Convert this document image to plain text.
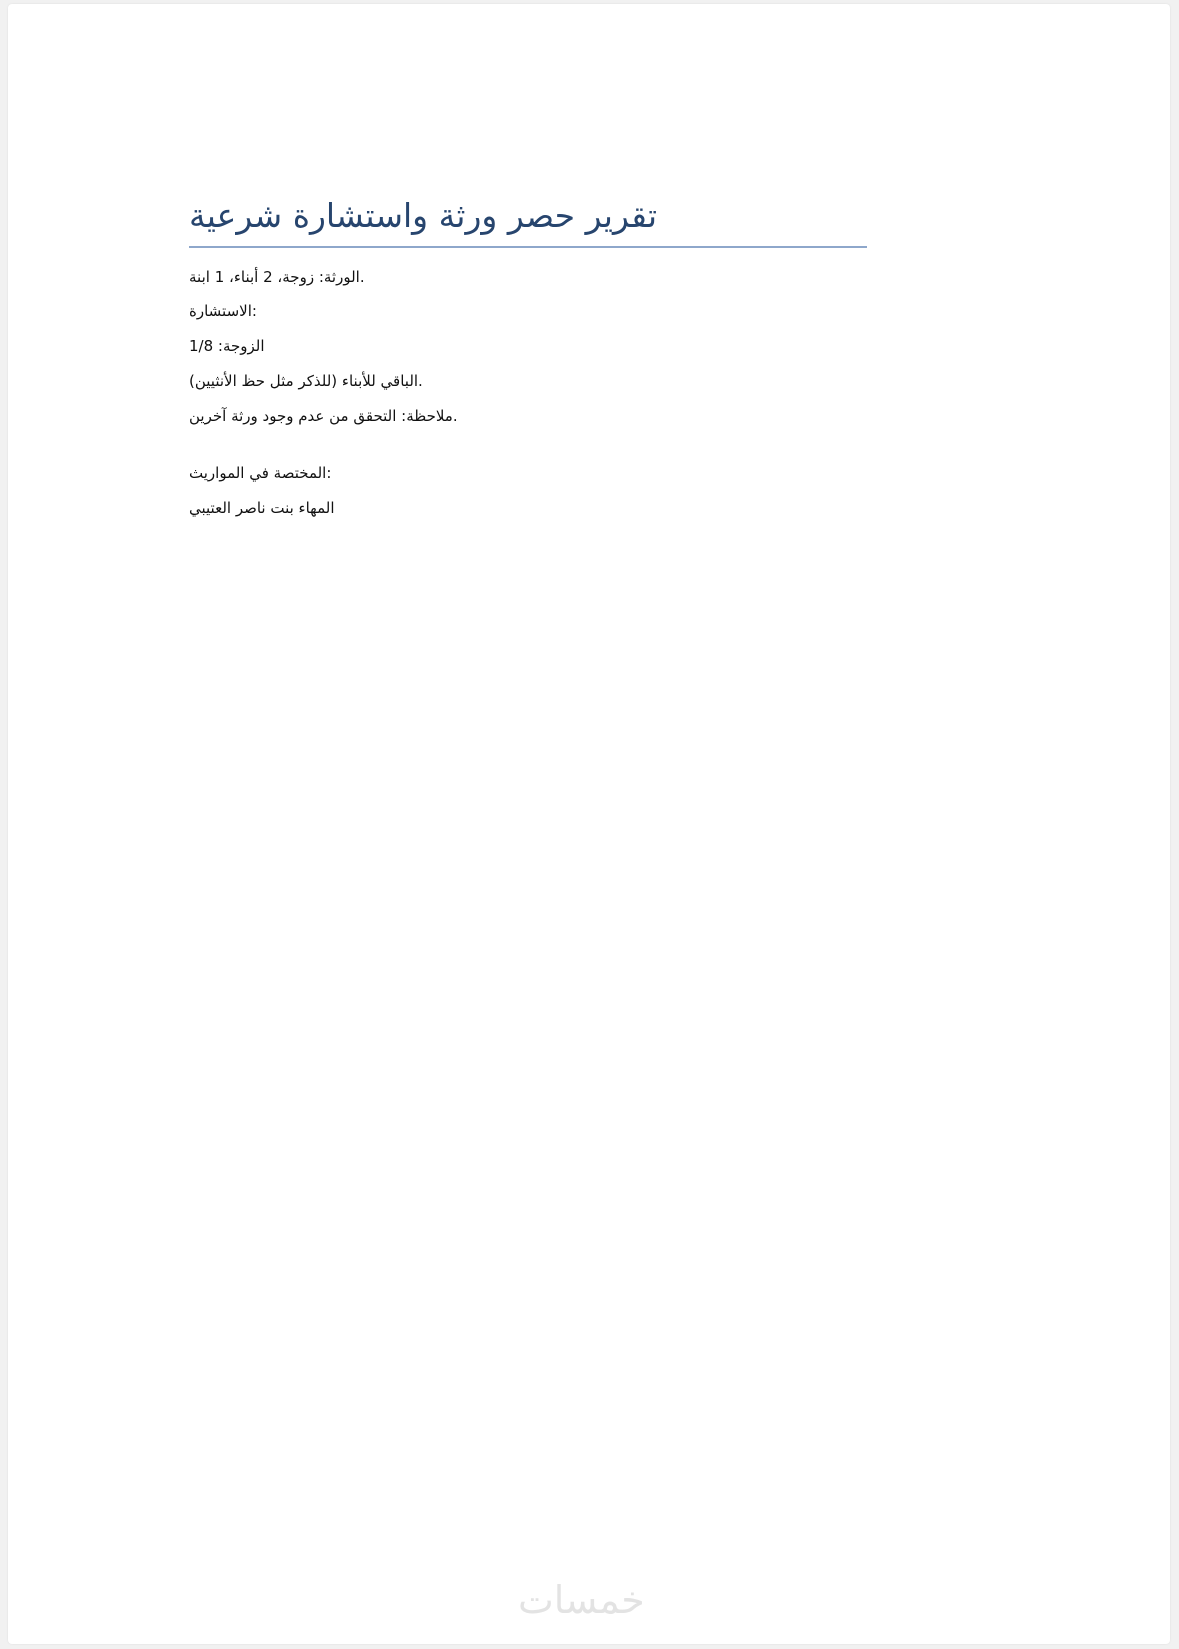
تقرير حصر ورثة واستشارة شرعية
.الورثة: زوجة، 2 أبناء، 1 ابنة
:الاستشارة
الزوجة: 1/8
.الباقي للأبناء (للذكر مثل حظ الأنثيين)
.ملاحظة: التحقق من عدم وجود ورثة آخرين
:المختصة في المواريث
المهاء بنت ناصر العتيبي
خمسات
